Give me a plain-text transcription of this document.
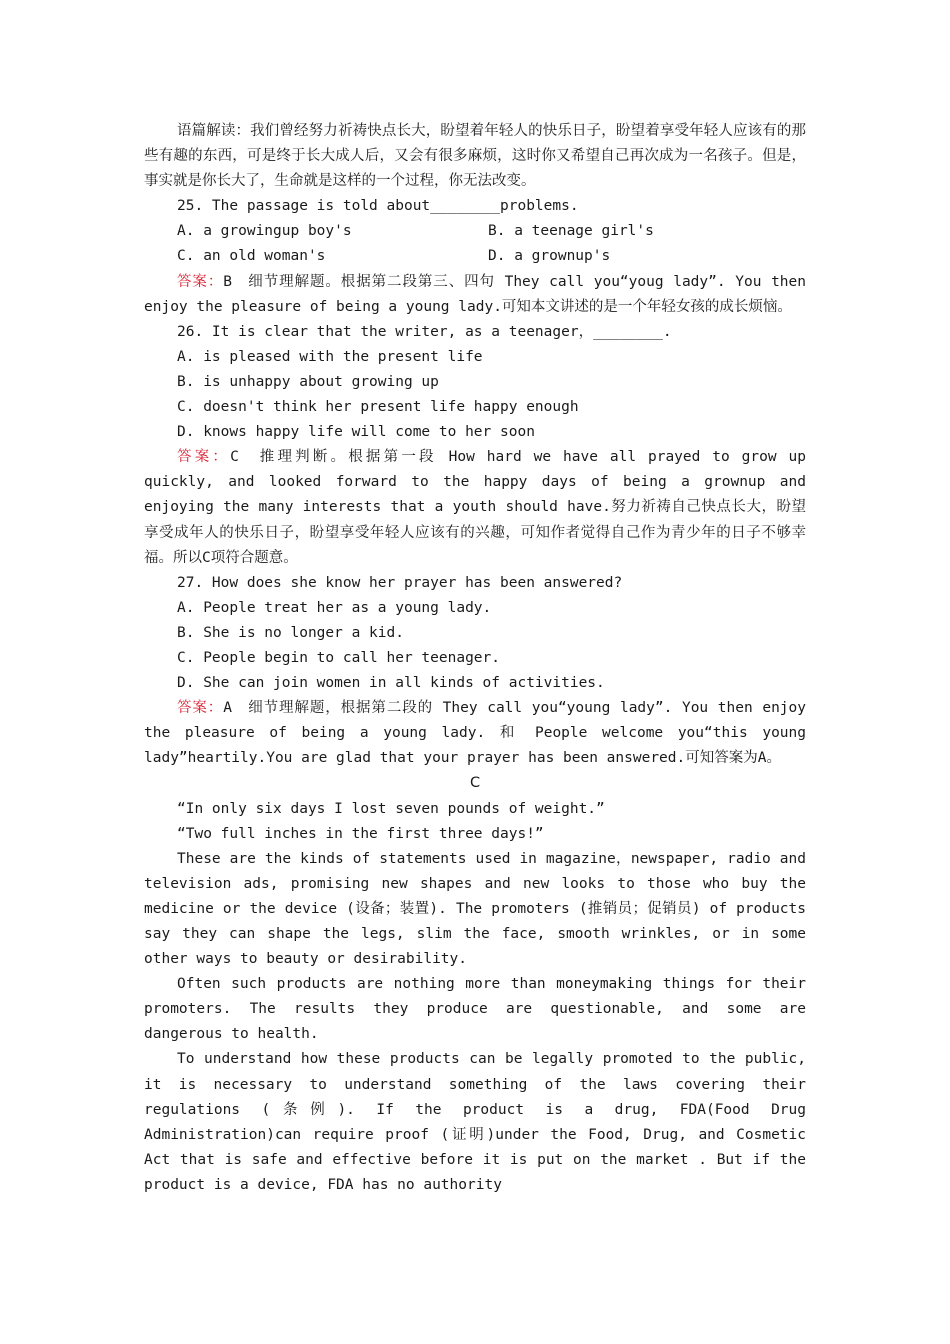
语篇解读：我们曾经努力祈祷快点长大，盼望着年轻人的快乐日子，盼望着享受年轻人应该有的那些有趣的东西，可是终于长大成人后，又会有很多麻烦，这时你又希望自己再次成为一名孩子。但是，事实就是你长大了，生命就是这样的一个过程，你无法改变。

25. The passage is told about________problems.

A. a growingup boy's	B. a teenage girl's
C. an old woman's	D. a grownup's

答案：B　细节理解题。根据第二段第三、四句 They call you“youg lady”. You then enjoy the pleasure of being a young lady.可知本文讲述的是一个年轻女孩的成长烦恼。

26. It is clear that the writer, as a teenager，________.

A. is pleased with the present life

B. is unhappy about growing up

C. doesn't think her present life happy enough

D. knows happy life will come to her soon

答案：C　推理判断。根据第一段 How hard we have all prayed to grow up quickly, and looked forward to the happy days of being a grownup and enjoying the many interests that a youth should have.努力祈祷自己快点长大，盼望享受成年人的快乐日子，盼望享受年轻人应该有的兴趣，可知作者觉得自己作为青少年的日子不够幸福。所以C项符合题意。

27. How does she know her prayer has been answered?

A. People treat her as a young lady.

B. She is no longer a kid.

C. People begin to call her teenager.

D. She can join women in all kinds of activities.

答案：A　细节理解题，根据第二段的 They call you“young lady”. You then enjoy the pleasure of being a young lady. 和 People welcome you“this young lady”heartily.You are glad that your prayer has been answered.可知答案为A。

C

“In only six days I lost seven pounds of weight.”

“Two full inches in the first three days!”

These are the kinds of statements used in magazine，newspaper, radio and television ads, promising new shapes and new looks to those who buy the medicine or the device (设备；装置). The promoters (推销员；促销员) of products say they can shape the legs, slim the face, smooth wrinkles, or in some other ways to beauty or desirability.

Often such products are nothing more than moneymaking things for their promoters. The results they produce are questionable, and some are dangerous to health.

To understand how these products can be legally promoted to the public, it is necessary to understand something of the laws covering their regulations (条例). If the product is a drug, FDA(Food Drug Administration)can require proof (证明)under the Food, Drug, and Cosmetic Act that is safe and effective before it is put on the market . But if the product is a device, FDA has no authority
